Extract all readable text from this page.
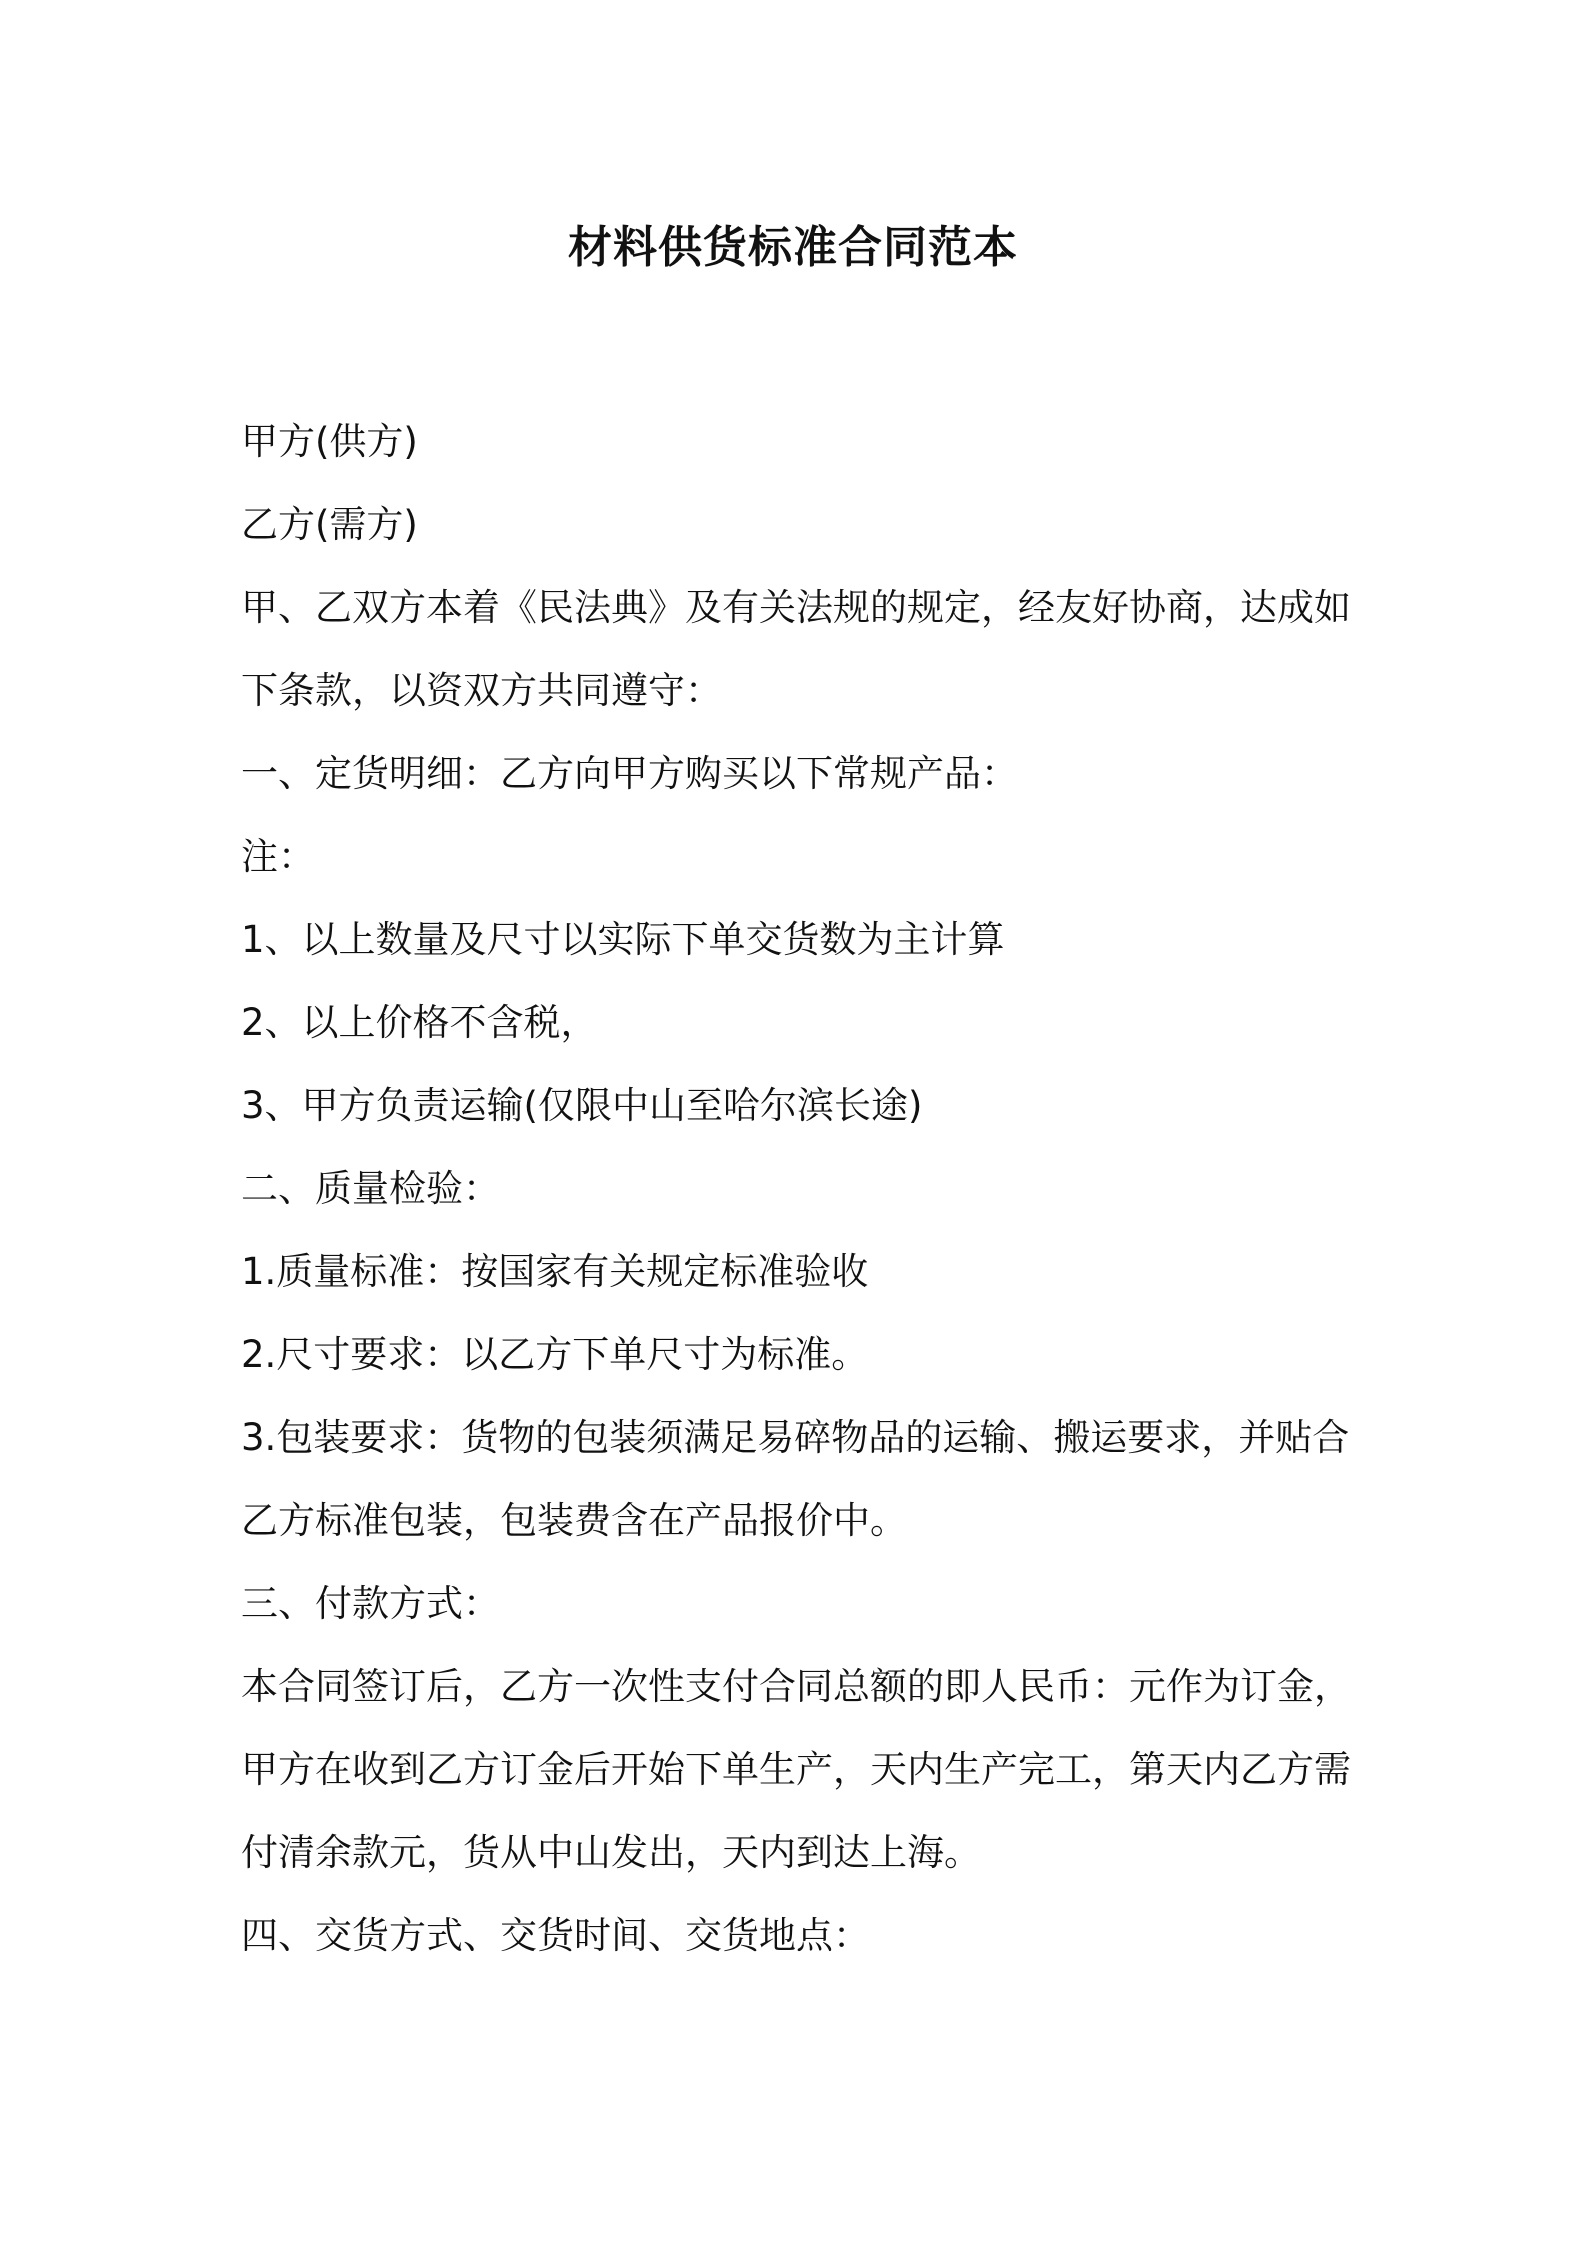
材料供货标准合同范本

甲方(供方)

乙方(需方)

甲、乙双方本着《民法典》及有关法规的规定，经友好协商，达成如

下条款，以资双方共同遵守：

一、定货明细：乙方向甲方购买以下常规产品：

注：

1、以上数量及尺寸以实际下单交货数为主计算

2、以上价格不含税，

3、甲方负责运输(仅限中山至哈尔滨长途)

二、质量检验：

1.质量标准：按国家有关规定标准验收

2.尺寸要求：以乙方下单尺寸为标准。

3.包装要求：货物的包装须满足易碎物品的运输、搬运要求，并贴合

乙方标准包装，包装费含在产品报价中。

三、付款方式：

本合同签订后，乙方一次性支付合同总额的即人民币：元作为订金，

甲方在收到乙方订金后开始下单生产，天内生产完工，第天内乙方需

付清余款元，货从中山发出，天内到达上海。

四、交货方式、交货时间、交货地点：
